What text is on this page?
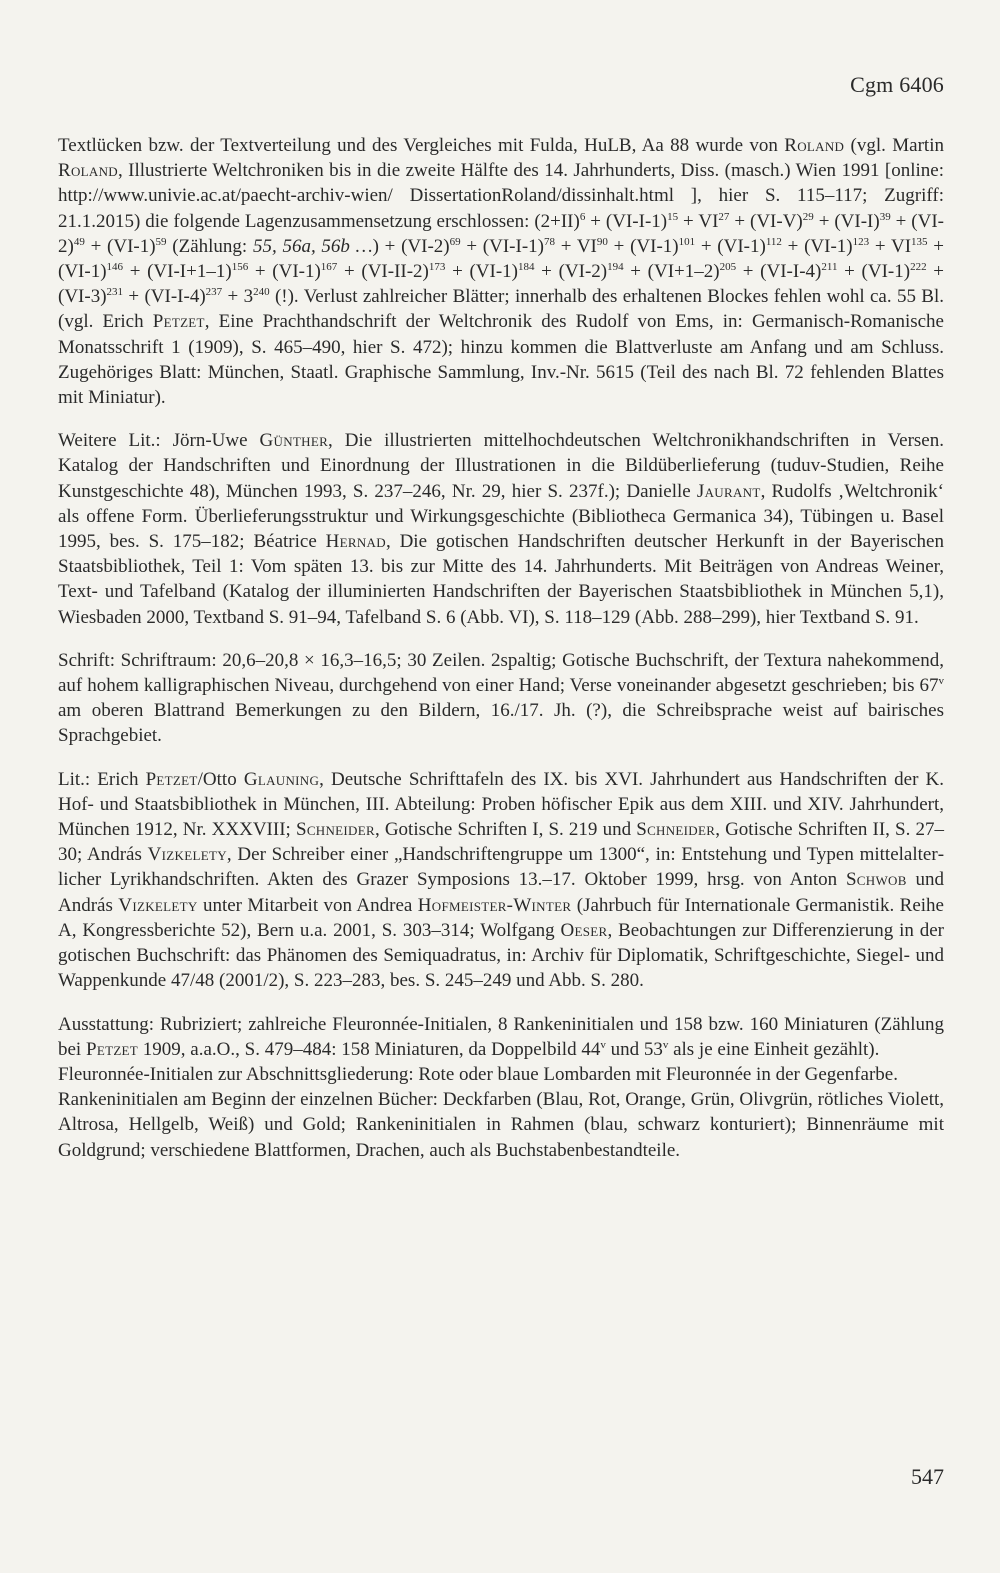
Cgm 6406

Textlücken bzw. der Textverteilung und des Vergleiches mit Fulda, HuLB, Aa 88 wurde von Roland (vgl. Martin Roland, Illustrierte Weltchroniken bis in die zweite Hälfte des 14. Jahrhunderts, Diss. (masch.) Wien 1991 [online: http://www.univie.ac.at/paecht-archiv-wien/ DissertationRoland/dissinhalt.html ], hier S. 115–117; Zugriff: 21.1.2015) die folgende Lagenzusammensetzung erschlossen: $(2+II)^6 + (VI-I-1)^{15} + VI^{27} + (VI-V)^{29} + (VI-I)^{39} + (VI-2)^{49} + (VI-1)^{59}$ (Zählung: 55, 56a, 56b …) + $(VI-2)^{69} + (VI-I-1)^{78} + VI^{90} + (VI-1)^{101} + (VI-1)^{112} + (VI-1)^{123} + VI^{135} + (VI-1)^{146} + (VI-I+1-1)^{156} + (VI-1)^{167} + (VI-II-2)^{173} + (VI-1)^{184} + (VI-2)^{194} + (VI+1-2)^{205} + (VI-I-4)^{211} + (VI-1)^{222} + (VI-3)^{231} + (VI-I-4)^{237} + 3^{240}$ (!). Verlust zahlreicher Blätter; innerhalb des erhaltenen Blockes fehlen wohl ca. 55 Bl. (vgl. Erich Petzet, Eine Prachthandschrift der Weltchronik des Rudolf von Ems, in: Germanisch-Romanische Monatsschrift 1 (1909), S. 465–490, hier S. 472); hinzu kommen die Blattverluste am Anfang und am Schluss. Zugehöriges Blatt: München, Staatl. Graphische Sammlung, Inv.-Nr. 5615 (Teil des nach Bl. 72 fehlenden Blattes mit Miniatur).

Weitere Lit.: Jörn-Uwe Günther, Die illustrierten mittelhochdeutschen Weltchronikhandschriften in Versen. Katalog der Handschriften und Einordnung der Illustrationen in die Bildüberlieferung (tuduv-Studien, Reihe Kunstgeschichte 48), München 1993, S. 237–246, Nr. 29, hier S. 237f.); Danielle Jaurant, Rudolfs ‚Weltchronik‘ als offene Form. Überlieferungsstruktur und Wirkungsgeschichte (Bibliotheca Germanica 34), Tübingen u. Basel 1995, bes. S. 175–182; Béatrice Hernad, Die gotischen Handschriften deutscher Herkunft in der Bayerischen Staatsbibliothek, Teil 1: Vom späten 13. bis zur Mitte des 14. Jahrhunderts. Mit Beiträgen von Andreas Weiner, Text- und Tafelband (Katalog der illuminierten Handschriften der Bayerischen Staatsbibliothek in München 5,1), Wiesbaden 2000, Textband S. 91–94, Tafelband S. 6 (Abb. VI), S. 118–129 (Abb. 288–299), hier Textband S. 91.

Schrift: Schriftraum: 20,6–20,8 × 16,3–16,5; 30 Zeilen. 2spaltig; Gotische Buchschrift, der Textura nahekommend, auf hohem kalligraphischen Niveau, durchgehend von einer Hand; Verse voneinander abgesetzt geschrieben; bis 67$^v$ am oberen Blattrand Bemerkungen zu den Bildern, 16./17. Jh. (?), die Schreibsprache weist auf bairisches Sprachgebiet.

Lit.: Erich Petzet/Otto Glauning, Deutsche Schrifttafeln des IX. bis XVI. Jahrhundert aus Handschriften der K. Hof- und Staatsbibliothek in München, III. Abteilung: Proben höfischer Epik aus dem XIII. und XIV. Jahrhundert, München 1912, Nr. XXXVIII; Schneider, Gotische Schriften I, S. 219 und Schneider, Gotische Schriften II, S. 27–30; András Vizkelety, Der Schreiber einer „Handschriftengruppe um 1300“, in: Entstehung und Typen mittelalterlicher Lyrikhandschriften. Akten des Grazer Symposions 13.–17. Oktober 1999, hrsg. von Anton Schwob und András Vizkelety unter Mitarbeit von Andrea Hofmeister-Winter (Jahrbuch für Internationale Germanistik. Reihe A, Kongressberichte 52), Bern u.a. 2001, S. 303–314; Wolfgang Oeser, Beobachtungen zur Differenzierung in der gotischen Buchschrift: das Phänomen des Semiquadratus, in: Archiv für Diplomatik, Schriftgeschichte, Siegel- und Wappenkunde 47/48 (2001/2), S. 223–283, bes. S. 245–249 und Abb. S. 280.

Ausstattung: Rubriziert; zahlreiche Fleuronnée-Initialen, 8 Rankeninitialen und 158 bzw. 160 Miniaturen (Zählung bei Petzet 1909, a.a.O., S. 479–484: 158 Miniaturen, da Doppelbild 44$^v$ und 53$^v$ als je eine Einheit gezählt).

Fleuronnée-Initialen zur Abschnittsgliederung: Rote oder blaue Lombarden mit Fleuronnée in der Gegenfarbe.

Rankeninitialen am Beginn der einzelnen Bücher: Deckfarben (Blau, Rot, Orange, Grün, Olivgrün, rötliches Violett, Altrosa, Hellgelb, Weiß) und Gold; Rankeninitialen in Rahmen (blau, schwarz konturiert); Binnenräume mit Goldgrund; verschiedene Blattformen, Drachen, auch als Buchstabenbestandteile.

547
